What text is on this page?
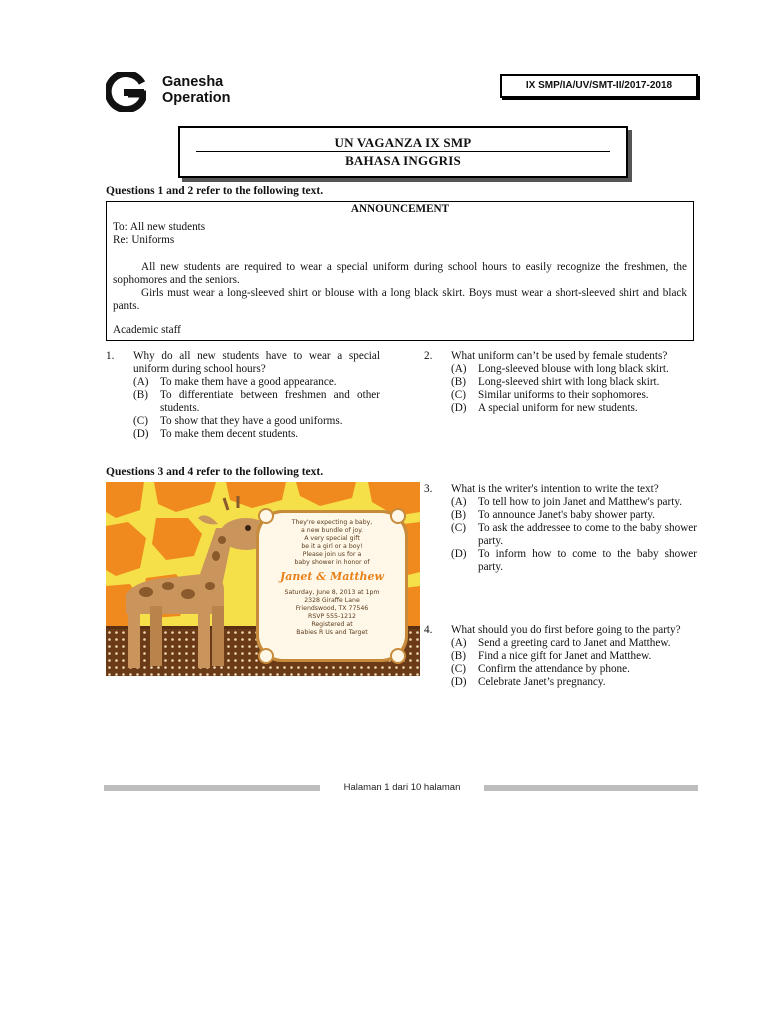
Ganesha
Operation
IX SMP/IA/UV/SMT-II/2017-2018
UN VAGANZA IX SMP
BAHASA INGGRIS
Questions 1 and 2 refer to the following text.
ANNOUNCEMENT
To: All new students
Re: Uniforms
All new students are required to wear a special uniform during school hours to easily recognize the freshmen, the sophomores and the seniors.
Girls must wear a long-sleeved shirt or blouse with a long black skirt. Boys must wear a short-sleeved shirt and black pants.
Academic staff
1. Why do all new students have to wear a special uniform during school hours?
(A) To make them have a good appearance.
(B) To differentiate between freshmen and other students.
(C) To show that they have a good uniforms.
(D) To make them decent students.
2. What uniform can’t be used by female students?
(A) Long-sleeved blouse with long black skirt.
(B) Long-sleeved shirt with long black skirt.
(C) Similar uniforms to their sophomores.
(D) A special uniform for new students.
Questions 3 and 4 refer to the following text.
They're expecting a baby,
a new bundle of joy.
A very special gift
be it a girl or a boy!
Please join us for a
baby shower in honor of
Janet & Matthew
Saturday, June 8, 2013 at 1pm
2328 Giraffe Lane
Friendswood, TX 77546
RSVP 555-1212
Registered at
Babies R Us and Target
3. What is the writer's intention to write the text?
(A) To tell how to join Janet and Matthew's party.
(B) To announce Janet's baby shower party.
(C) To ask the addressee to come to the baby shower party.
(D) To inform how to come to the baby shower party.
4. What should you do first before going to the party?
(A) Send a greeting card to Janet and Matthew.
(B) Find a nice gift for Janet and Matthew.
(C) Confirm the attendance by phone.
(D) Celebrate Janet’s pregnancy.
Halaman 1 dari 10 halaman
